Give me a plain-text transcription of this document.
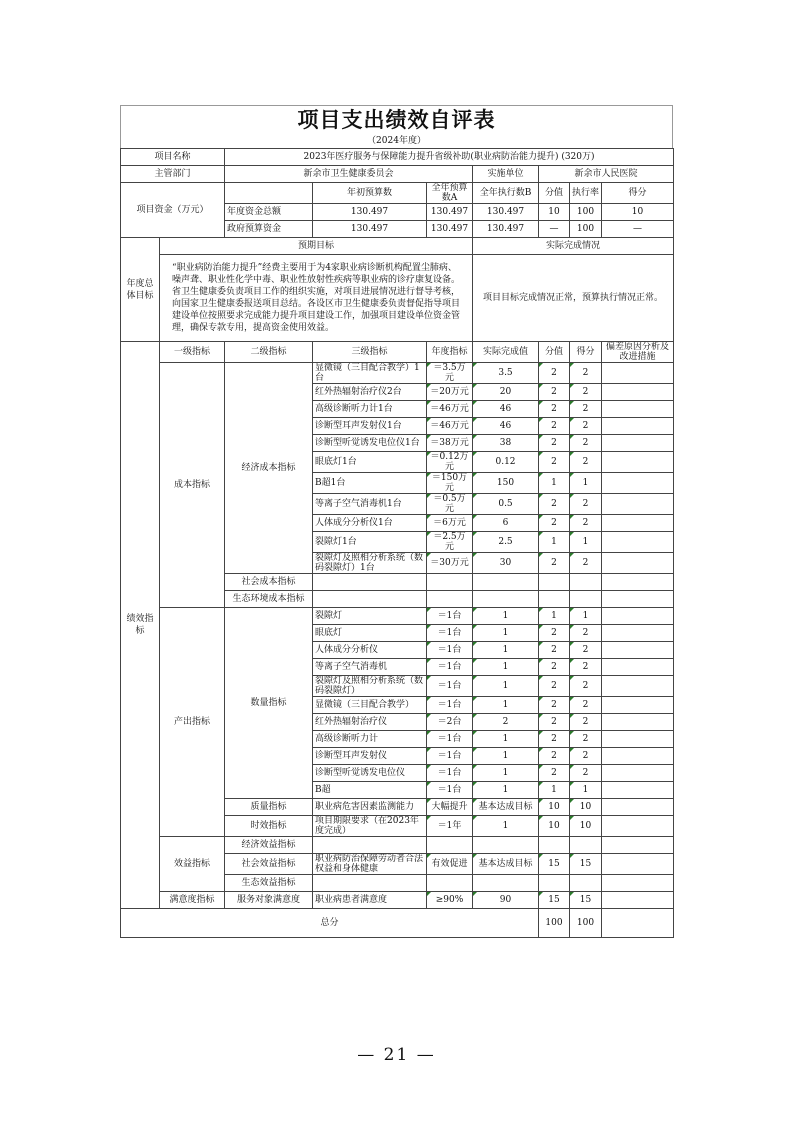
项目支出绩效自评表
（2024年度）
项目名称		2023年医疗服务与保障能力提升省级补助(职业病防治能力提升) (320万)						
主管部门		新余市卫生健康委员会			实施单位	新余市人民医院		
项目资金（万元）			年初预算数	全年预算数A	全年执行数B	分值	执行率	得分
		年度资金总额	130.497	130.497	130.497	10	100	10
		政府预算资金	130.497	130.497	130.497	—	100	—
年度总体目标	预期目标				实际完成情况			
	“职业病防治能力提升”经费主要用于为4家职业病诊断机构配置尘肺病、噪声聋、职业性化学中毒、职业性放射性疾病等职业病的诊疗康复设备。省卫生健康委负责项目工作的组织实施，对项目进展情况进行督导考核，向国家卫生健康委报送项目总结。各设区市卫生健康委负责督促指导项目建设单位按照要求完成能力提升项目建设工作，加强项目建设单位资金管理，确保专款专用，提高资金使用效益。				项目目标完成情况正常，预算执行情况正常。			
绩效指标	一级指标	二级指标	三级指标	年度指标	实际完成值	分值	得分	偏差原因分析及改进措施
	成本指标	经济成本指标	显微镜（三目配合教学）1台	＝3.5万元	3.5	2	2	
			红外热辐射治疗仪2台	＝20万元	20	2	2	
			高级诊断听力计1台	＝46万元	46	2	2	
			诊断型耳声发射仪1台	＝46万元	46	2	2	
			诊断型听觉诱发电位仪1台	＝38万元	38	2	2	
			眼底灯1台	＝0.12万元	0.12	2	2	
			B超1台	＝150万元	150	1	1	
			等离子空气消毒机1台	＝0.5万元	0.5	2	2	
			人体成分分析仪1台	＝6万元	6	2	2	
			裂隙灯1台	＝2.5万元	2.5	1	1	
			裂隙灯及照相分析系统（数码裂隙灯）1台	＝30万元	30	2	2	
		社会成本指标						
		生态环境成本指标						
	产出指标	数量指标	裂隙灯	＝1台	1	1	1	
			眼底灯	＝1台	1	2	2	
			人体成分分析仪	＝1台	1	2	2	
			等离子空气消毒机	＝1台	1	2	2	
			裂隙灯及照相分析系统（数码裂隙灯）	＝1台	1	2	2	
			显微镜（三目配合教学）	＝1台	1	2	2	
			红外热辐射治疗仪	＝2台	2	2	2	
			高级诊断听力计	＝1台	1	2	2	
			诊断型耳声发射仪	＝1台	1	2	2	
			诊断型听觉诱发电位仪	＝1台	1	2	2	
			B超	＝1台	1	1	1	
		质量指标	职业病危害因素监测能力	大幅提升	基本达成目标	10	10	
		时效指标	项目期限要求（在2023年度完成）	＝1年	1	10	10	
	效益指标	经济效益指标						
		社会效益指标	职业病防治保障劳动者合法权益和身体健康	有效促进	基本达成目标	15	15	
		生态效益指标						
	满意度指标	服务对象满意度	职业病患者满意度	≥90%	90	15	15	
总分						100	100	
— 21 —
